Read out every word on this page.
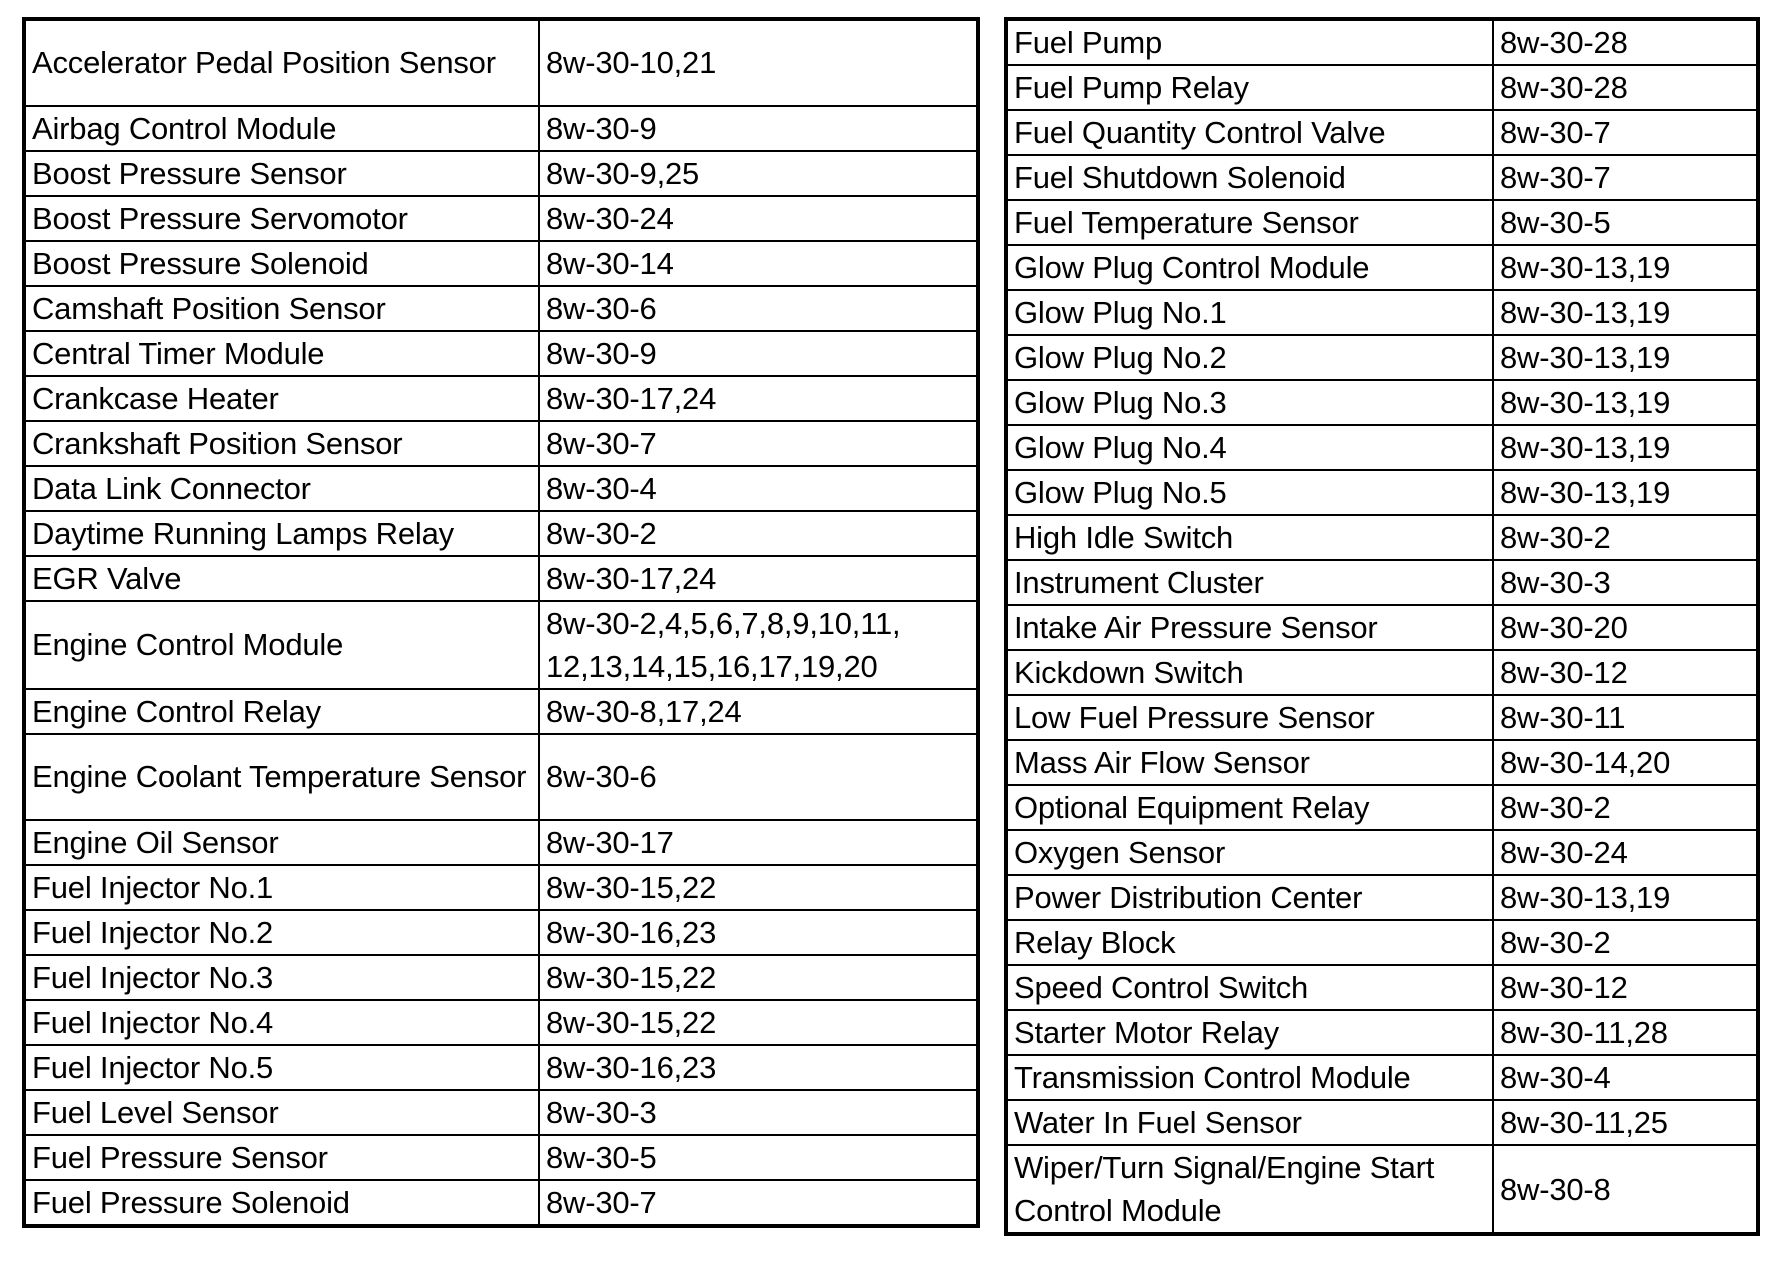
Accelerator Pedal Position Sensor	8w-30-10,21
Airbag Control Module	8w-30-9
Boost Pressure Sensor	8w-30-9,25
Boost Pressure Servomotor	8w-30-24
Boost Pressure Solenoid	8w-30-14
Camshaft Position Sensor	8w-30-6
Central Timer Module	8w-30-9
Crankcase Heater	8w-30-17,24
Crankshaft Position Sensor	8w-30-7
Data Link Connector	8w-30-4
Daytime Running Lamps Relay	8w-30-2
EGR Valve	8w-30-17,24
Engine Control Module	8w-30-2,4,5,6,7,8,9,10,11, 12,13,14,15,16,17,19,20
Engine Control Relay	8w-30-8,17,24
Engine Coolant Temperature Sensor	8w-30-6
Engine Oil Sensor	8w-30-17
Fuel Injector No.1	8w-30-15,22
Fuel Injector No.2	8w-30-16,23
Fuel Injector No.3	8w-30-15,22
Fuel Injector No.4	8w-30-15,22
Fuel Injector No.5	8w-30-16,23
Fuel Level Sensor	8w-30-3
Fuel Pressure Sensor	8w-30-5
Fuel Pressure Solenoid	8w-30-7
Fuel Pump	8w-30-28
Fuel Pump Relay	8w-30-28
Fuel Quantity Control Valve	8w-30-7
Fuel Shutdown Solenoid	8w-30-7
Fuel Temperature Sensor	8w-30-5
Glow Plug Control Module	8w-30-13,19
Glow Plug No.1	8w-30-13,19
Glow Plug No.2	8w-30-13,19
Glow Plug No.3	8w-30-13,19
Glow Plug No.4	8w-30-13,19
Glow Plug No.5	8w-30-13,19
High Idle Switch	8w-30-2
Instrument Cluster	8w-30-3
Intake Air Pressure Sensor	8w-30-20
Kickdown Switch	8w-30-12
Low Fuel Pressure Sensor	8w-30-11
Mass Air Flow Sensor	8w-30-14,20
Optional Equipment Relay	8w-30-2
Oxygen Sensor	8w-30-24
Power Distribution Center	8w-30-13,19
Relay Block	8w-30-2
Speed Control Switch	8w-30-12
Starter Motor Relay	8w-30-11,28
Transmission Control Module	8w-30-4
Water In Fuel Sensor	8w-30-11,25
Wiper/Turn Signal/Engine Start Control Module	8w-30-8
